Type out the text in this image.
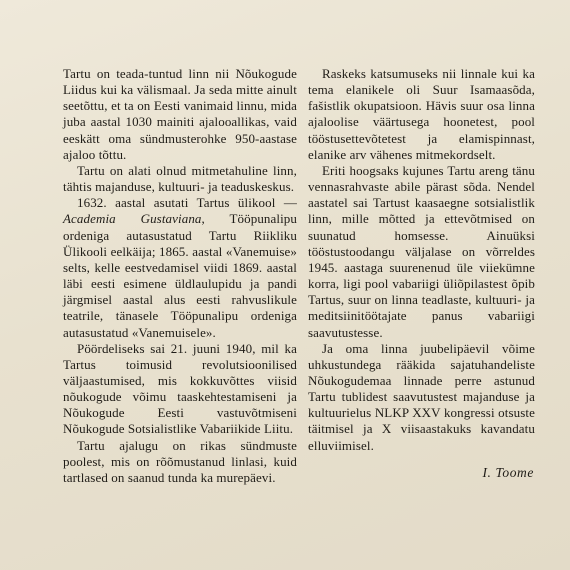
Tartu on teada-tuntud linn nii Nõukogude Liidus kui ka välismaal. Ja seda mitte ainult seetõttu, et ta on Eesti vanimaid linnu, mida juba aastal 1030 mainiti ajalooallikas, vaid eeskätt oma sündmusterohke 950-aastase ajaloo tõttu.

Tartu on alati olnud mitmetahuline linn, tähtis majanduse, kultuuri- ja teaduskeskus.

1632. aastal asutati Tartus ülikool — Academia Gustaviana, Tööpunalipu ordeniga autasustatud Tartu Riikliku Ülikooli eelkäija; 1865. aastal «Vanemuise» selts, kelle eestvedamisel viidi 1869. aastal läbi eesti esimene üldlaulupidu ja pandi järgmisel aastal alus eesti rahvuslikule teatrile, tänasele Tööpunalipu ordeniga autasustatud «Vanemuisele».

Pöördeliseks sai 21. juuni 1940, mil ka Tartus toimusid revolutsioonilised väljaastumised, mis kokkuvõttes viisid nõukogude võimu taaskehtestamiseni ja Nõukogude Eesti vastuvõtmiseni Nõukogude Sotsialistlike Vabariikide Liitu.

Tartu ajalugu on rikas sündmuste poolest, mis on rõõmustanud linlasi, kuid tartlased on saanud tunda ka murepäevi.

Raskeks katsumuseks nii linnale kui ka tema elanikele oli Suur Isamaasõda, fašistlik okupatsioon. Hävis suur osa linna ajaloolise väärtusega hoonetest, pool tööstusettevõtetest ja elamispinnast, elanike arv vähenes mitmekordselt.

Eriti hoogsaks kujunes Tartu areng tänu vennasrahvaste abile pärast sõda. Nendel aastatel sai Tartust kaasaegne sotsialistlik linn, mille mõtted ja ettevõtmised on suunatud homsesse. Ainuüksi tööstustoodangu väljalase on võrreldes 1945. aastaga suurenenud üle viiekümne korra, ligi pool vabariigi üliõpilastest õpib Tartus, suur on linna teadlaste, kultuuri- ja meditsiinitöötajate panus vabariigi saavutustesse.

Ja oma linna juubelipäevil võime uhkustundega rääkida sajatuhandeliste Nõukogudemaa linnade perre astunud Tartu tublidest saavutustest majanduse ja kultuurielus NLKP XXV kongressi otsuste täitmisel ja X viisaastakuks kavandatu elluviimisel.

I. Toome
